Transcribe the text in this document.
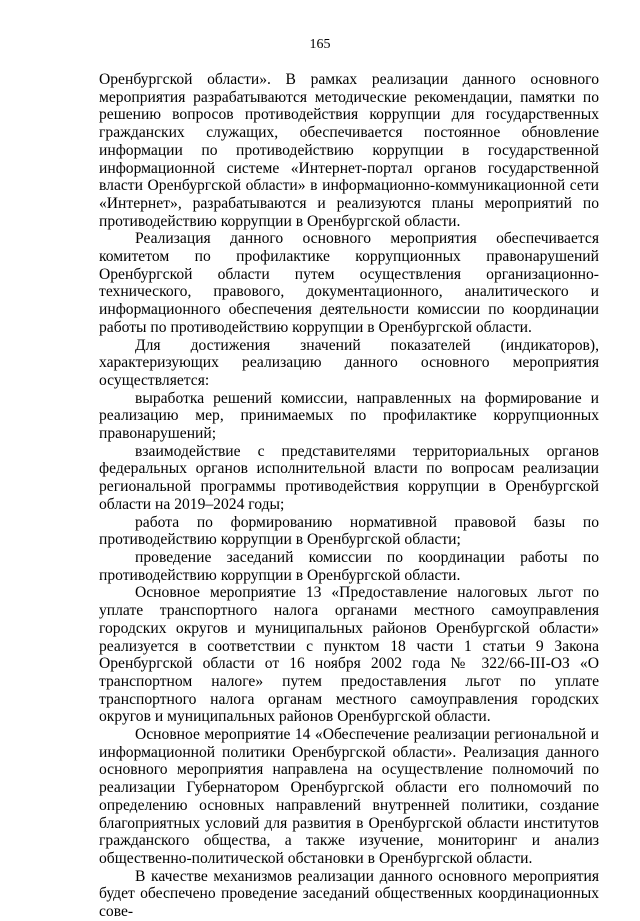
165

Оренбургской области». В рамках реализации данного основного мероприятия разрабатываются методические рекомендации, памятки по решению вопросов противодействия коррупции для государственных гражданских служащих, обеспечивается постоянное обновление информации по противодействию коррупции в государственной информационной системе «Интернет-портал органов государственной власти Оренбургской области» в информационно-коммуникационной сети «Интернет», разрабатываются и реализуются планы мероприятий по противодействию коррупции в Оренбургской области.

Реализация данного основного мероприятия обеспечивается комитетом по профилактике коррупционных правонарушений Оренбургской области путем осуществления организационно-технического, правового, документационного, аналитического и информационного обеспечения деятельности комиссии по координации работы по противодействию коррупции в Оренбургской области.

Для достижения значений показателей (индикаторов), характеризующих реализацию данного основного мероприятия осуществляется:

выработка решений комиссии, направленных на формирование и реализацию мер, принимаемых по профилактике коррупционных правонарушений;

взаимодействие с представителями территориальных органов федеральных органов исполнительной власти по вопросам реализации региональной программы противодействия коррупции в Оренбургской области на 2019–2024 годы;

работа по формированию нормативной правовой базы по противодействию коррупции в Оренбургской области;

проведение заседаний комиссии по координации работы по противодействию коррупции в Оренбургской области.

Основное мероприятие 13 «Предоставление налоговых льгот по уплате транспортного налога органами местного самоуправления городских округов и муниципальных районов Оренбургской области» реализуется в соответствии с пунктом 18 части 1 статьи 9 Закона Оренбургской области от 16 ноября 2002 года № 322/66-III-ОЗ «О транспортном налоге» путем предоставления льгот по уплате транспортного налога органам местного самоуправления городских округов и муниципальных районов Оренбургской области.

Основное мероприятие 14 «Обеспечение реализации региональной и информационной политики Оренбургской области». Реализация данного основного мероприятия направлена на осуществление полномочий по реализации Губернатором Оренбургской области его полномочий по определению основных направлений внутренней политики, создание благоприятных условий для развития в Оренбургской области институтов гражданского общества, а также изучение, мониторинг и анализ общественно-политической обстановки в Оренбургской области.

В качестве механизмов реализации данного основного мероприятия будет обеспечено проведение заседаний общественных координационных сове-
